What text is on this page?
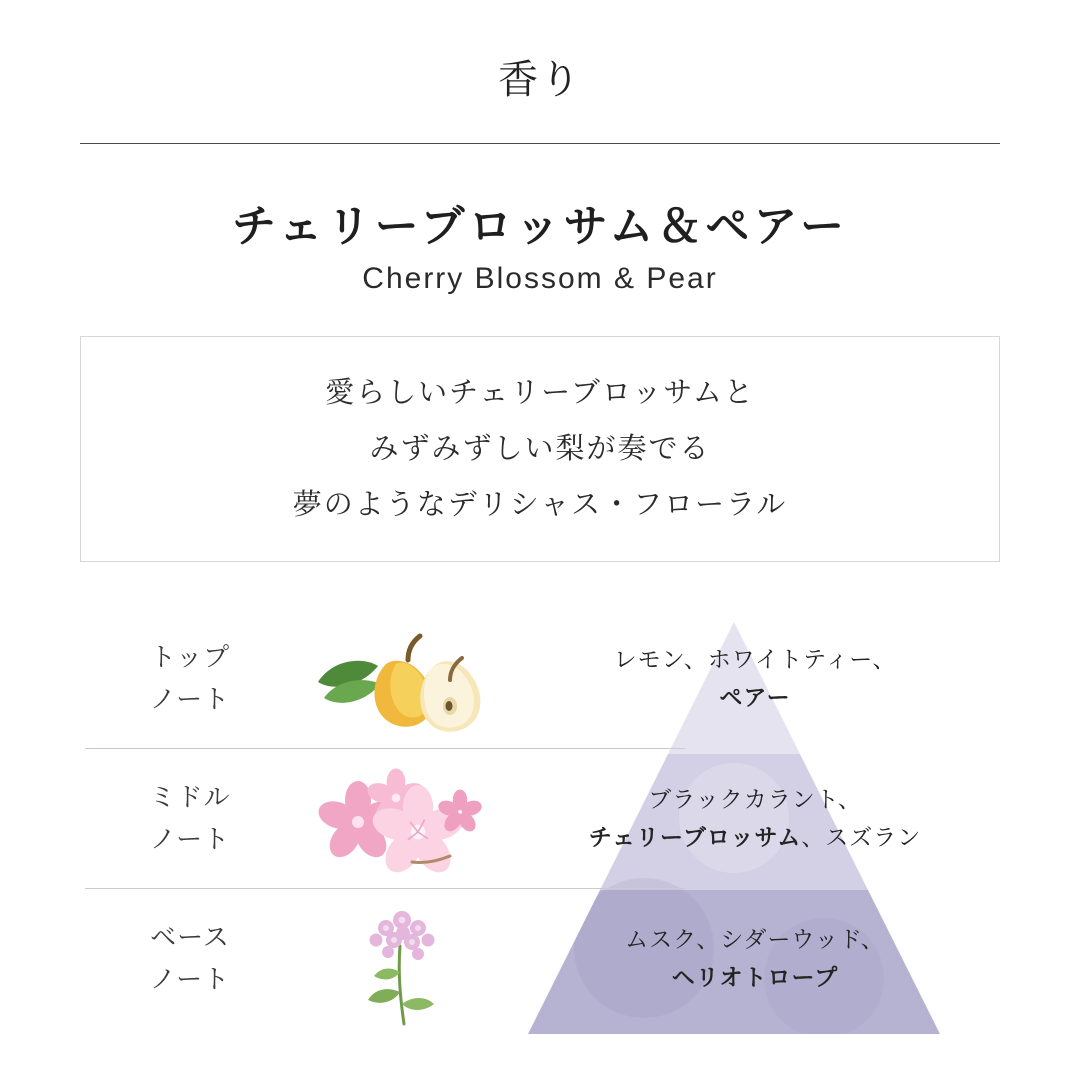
香り
チェリーブロッサム＆ペアー
Cherry Blossom & Pear
愛らしいチェリーブロッサムと
みずみずしい梨が奏でる
夢のようなデリシャス・フローラル
トップ
ノート
レモン、ホワイトティー、
ペアー
ミドル
ノート
ブラックカラント、
チェリーブロッサム、スズラン
ベース
ノート
ムスク、シダーウッド、
ヘリオトロープ
